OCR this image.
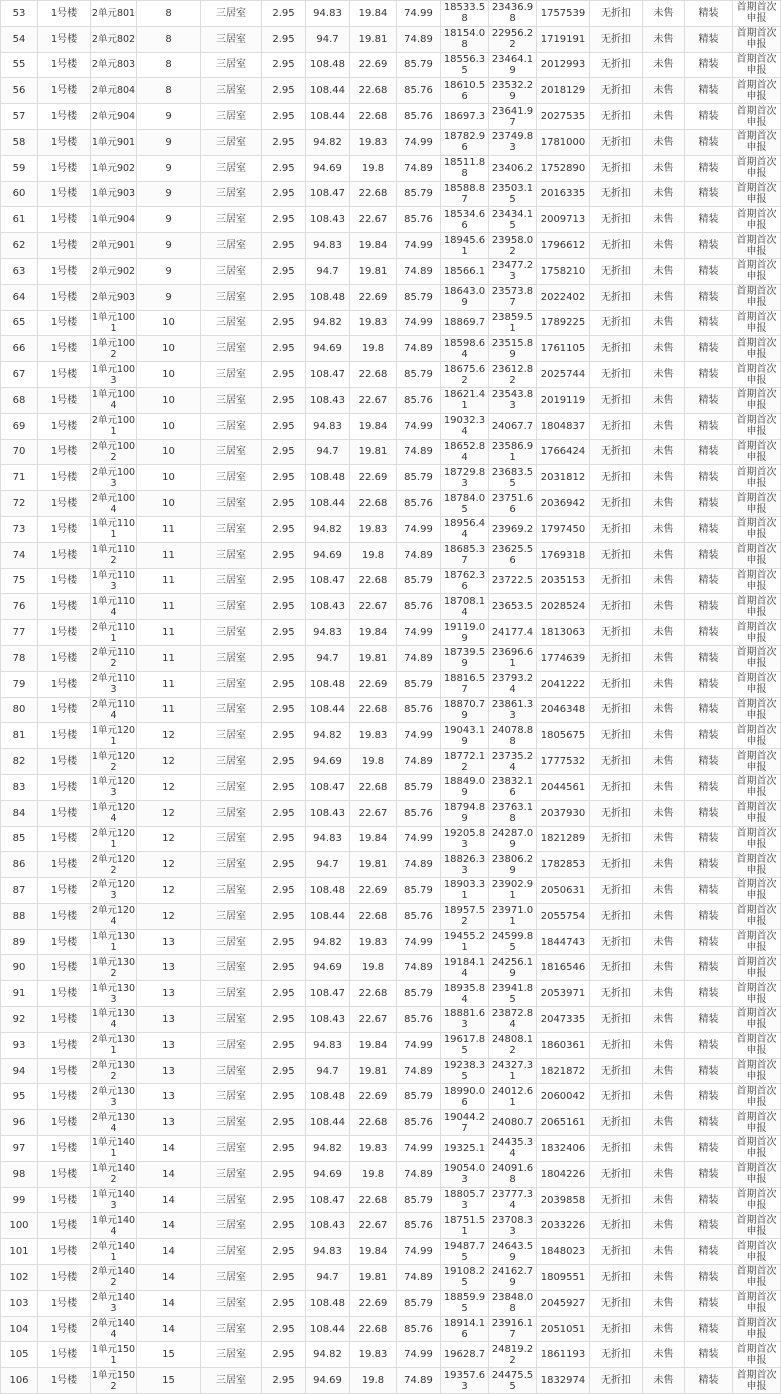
53	1号楼	2单元801	8	三居室	2.95	94.83	19.84	74.99	18533.58	23436.98	1757539	无折扣	未售	精装	首期首次申报
54	1号楼	2单元802	8	三居室	2.95	94.7	19.81	74.89	18154.08	22956.22	1719191	无折扣	未售	精装	首期首次申报
55	1号楼	2单元803	8	三居室	2.95	108.48	22.69	85.79	18556.35	23464.19	2012993	无折扣	未售	精装	首期首次申报
56	1号楼	2单元804	8	三居室	2.95	108.44	22.68	85.76	18610.56	23532.29	2018129	无折扣	未售	精装	首期首次申报
57	1号楼	2单元904	9	三居室	2.95	108.44	22.68	85.76	18697.3	23641.97	2027535	无折扣	未售	精装	首期首次申报
58	1号楼	1单元901	9	三居室	2.95	94.82	19.83	74.99	18782.96	23749.83	1781000	无折扣	未售	精装	首期首次申报
59	1号楼	1单元902	9	三居室	2.95	94.69	19.8	74.89	18511.88	23406.2	1752890	无折扣	未售	精装	首期首次申报
60	1号楼	1单元903	9	三居室	2.95	108.47	22.68	85.79	18588.87	23503.15	2016335	无折扣	未售	精装	首期首次申报
61	1号楼	1单元904	9	三居室	2.95	108.43	22.67	85.76	18534.66	23434.15	2009713	无折扣	未售	精装	首期首次申报
62	1号楼	2单元901	9	三居室	2.95	94.83	19.84	74.99	18945.61	23958.02	1796612	无折扣	未售	精装	首期首次申报
63	1号楼	2单元902	9	三居室	2.95	94.7	19.81	74.89	18566.1	23477.23	1758210	无折扣	未售	精装	首期首次申报
64	1号楼	2单元903	9	三居室	2.95	108.48	22.69	85.79	18643.09	23573.87	2022402	无折扣	未售	精装	首期首次申报
65	1号楼	1单元1001	10	三居室	2.95	94.82	19.83	74.99	18869.7	23859.51	1789225	无折扣	未售	精装	首期首次申报
66	1号楼	1单元1002	10	三居室	2.95	94.69	19.8	74.89	18598.64	23515.89	1761105	无折扣	未售	精装	首期首次申报
67	1号楼	1单元1003	10	三居室	2.95	108.47	22.68	85.79	18675.62	23612.82	2025744	无折扣	未售	精装	首期首次申报
68	1号楼	1单元1004	10	三居室	2.95	108.43	22.67	85.76	18621.41	23543.83	2019119	无折扣	未售	精装	首期首次申报
69	1号楼	2单元1001	10	三居室	2.95	94.83	19.84	74.99	19032.34	24067.7	1804837	无折扣	未售	精装	首期首次申报
70	1号楼	2单元1002	10	三居室	2.95	94.7	19.81	74.89	18652.84	23586.91	1766424	无折扣	未售	精装	首期首次申报
71	1号楼	2单元1003	10	三居室	2.95	108.48	22.69	85.79	18729.83	23683.55	2031812	无折扣	未售	精装	首期首次申报
72	1号楼	2单元1004	10	三居室	2.95	108.44	22.68	85.76	18784.05	23751.66	2036942	无折扣	未售	精装	首期首次申报
73	1号楼	1单元1101	11	三居室	2.95	94.82	19.83	74.99	18956.44	23969.2	1797450	无折扣	未售	精装	首期首次申报
74	1号楼	1单元1102	11	三居室	2.95	94.69	19.8	74.89	18685.37	23625.56	1769318	无折扣	未售	精装	首期首次申报
75	1号楼	1单元1103	11	三居室	2.95	108.47	22.68	85.79	18762.36	23722.5	2035153	无折扣	未售	精装	首期首次申报
76	1号楼	1单元1104	11	三居室	2.95	108.43	22.67	85.76	18708.14	23653.5	2028524	无折扣	未售	精装	首期首次申报
77	1号楼	2单元1101	11	三居室	2.95	94.83	19.84	74.99	19119.09	24177.4	1813063	无折扣	未售	精装	首期首次申报
78	1号楼	2单元1102	11	三居室	2.95	94.7	19.81	74.89	18739.59	23696.61	1774639	无折扣	未售	精装	首期首次申报
79	1号楼	2单元1103	11	三居室	2.95	108.48	22.69	85.79	18816.57	23793.24	2041222	无折扣	未售	精装	首期首次申报
80	1号楼	2单元1104	11	三居室	2.95	108.44	22.68	85.76	18870.79	23861.33	2046348	无折扣	未售	精装	首期首次申报
81	1号楼	1单元1201	12	三居室	2.95	94.82	19.83	74.99	19043.19	24078.88	1805675	无折扣	未售	精装	首期首次申报
82	1号楼	1单元1202	12	三居室	2.95	94.69	19.8	74.89	18772.12	23735.24	1777532	无折扣	未售	精装	首期首次申报
83	1号楼	1单元1203	12	三居室	2.95	108.47	22.68	85.79	18849.09	23832.16	2044561	无折扣	未售	精装	首期首次申报
84	1号楼	1单元1204	12	三居室	2.95	108.43	22.67	85.76	18794.89	23763.18	2037930	无折扣	未售	精装	首期首次申报
85	1号楼	2单元1201	12	三居室	2.95	94.83	19.84	74.99	19205.83	24287.09	1821289	无折扣	未售	精装	首期首次申报
86	1号楼	2单元1202	12	三居室	2.95	94.7	19.81	74.89	18826.33	23806.29	1782853	无折扣	未售	精装	首期首次申报
87	1号楼	2单元1203	12	三居室	2.95	108.48	22.69	85.79	18903.31	23902.91	2050631	无折扣	未售	精装	首期首次申报
88	1号楼	2单元1204	12	三居室	2.95	108.44	22.68	85.76	18957.52	23971.01	2055754	无折扣	未售	精装	首期首次申报
89	1号楼	1单元1301	13	三居室	2.95	94.82	19.83	74.99	19455.21	24599.85	1844743	无折扣	未售	精装	首期首次申报
90	1号楼	1单元1302	13	三居室	2.95	94.69	19.8	74.89	19184.14	24256.19	1816546	无折扣	未售	精装	首期首次申报
91	1号楼	1单元1303	13	三居室	2.95	108.47	22.68	85.79	18935.84	23941.85	2053971	无折扣	未售	精装	首期首次申报
92	1号楼	1单元1304	13	三居室	2.95	108.43	22.67	85.76	18881.63	23872.84	2047335	无折扣	未售	精装	首期首次申报
93	1号楼	2单元1301	13	三居室	2.95	94.83	19.84	74.99	19617.85	24808.12	1860361	无折扣	未售	精装	首期首次申报
94	1号楼	2单元1302	13	三居室	2.95	94.7	19.81	74.89	19238.35	24327.31	1821872	无折扣	未售	精装	首期首次申报
95	1号楼	2单元1303	13	三居室	2.95	108.48	22.69	85.79	18990.06	24012.61	2060042	无折扣	未售	精装	首期首次申报
96	1号楼	2单元1304	13	三居室	2.95	108.44	22.68	85.76	19044.27	24080.7	2065161	无折扣	未售	精装	首期首次申报
97	1号楼	1单元1401	14	三居室	2.95	94.82	19.83	74.99	19325.1	24435.34	1832406	无折扣	未售	精装	首期首次申报
98	1号楼	1单元1402	14	三居室	2.95	94.69	19.8	74.89	19054.03	24091.68	1804226	无折扣	未售	精装	首期首次申报
99	1号楼	1单元1403	14	三居室	2.95	108.47	22.68	85.79	18805.73	23777.34	2039858	无折扣	未售	精装	首期首次申报
100	1号楼	1单元1404	14	三居室	2.95	108.43	22.67	85.76	18751.51	23708.33	2033226	无折扣	未售	精装	首期首次申报
101	1号楼	2单元1401	14	三居室	2.95	94.83	19.84	74.99	19487.75	24643.59	1848023	无折扣	未售	精装	首期首次申报
102	1号楼	2单元1402	14	三居室	2.95	94.7	19.81	74.89	19108.25	24162.79	1809551	无折扣	未售	精装	首期首次申报
103	1号楼	2单元1403	14	三居室	2.95	108.48	22.69	85.79	18859.95	23848.08	2045927	无折扣	未售	精装	首期首次申报
104	1号楼	2单元1404	14	三居室	2.95	108.44	22.68	85.76	18914.16	23916.17	2051051	无折扣	未售	精装	首期首次申报
105	1号楼	1单元1501	15	三居室	2.95	94.82	19.83	74.99	19628.7	24819.22	1861193	无折扣	未售	精装	首期首次申报
106	1号楼	1单元1502	15	三居室	2.95	94.69	19.8	74.89	19357.63	24475.55	1832974	无折扣	未售	精装	首期首次申报
